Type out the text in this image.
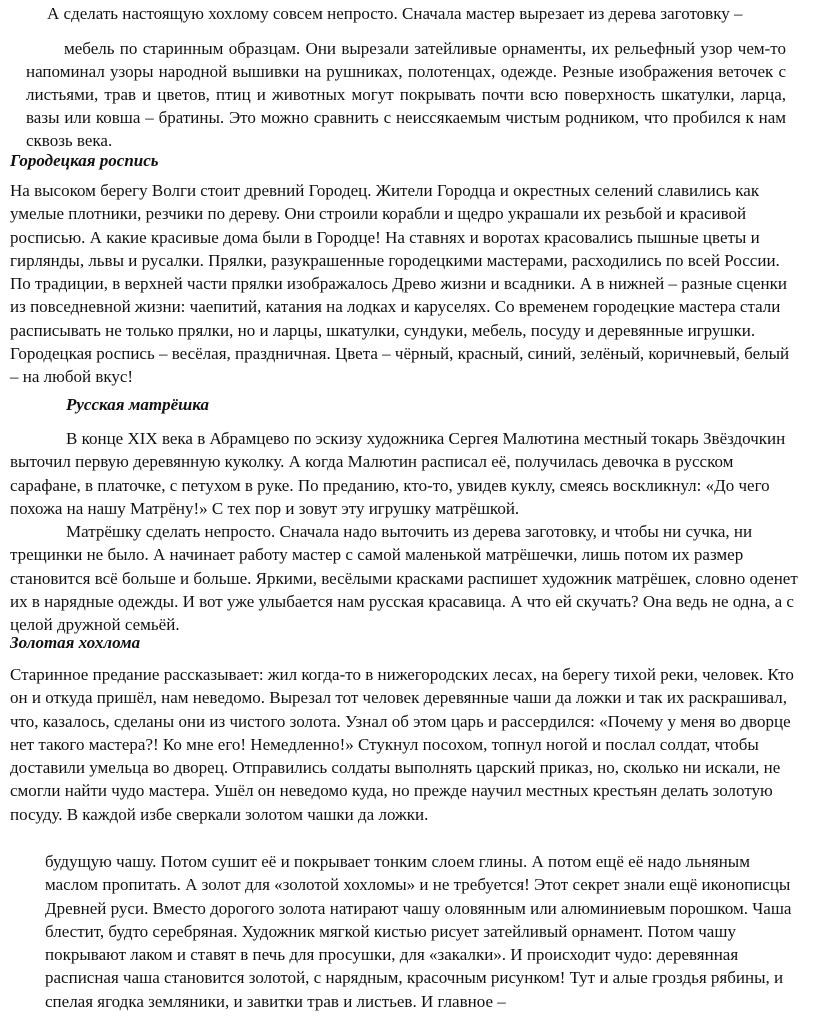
А сделать настоящую хохлому совсем непросто. Сначала мастер вырезает из дерева заготовку –

мебель по старинным образцам. Они вырезали затейливые орнаменты, их рельефный узор чем-то напоминал узоры народной вышивки на рушниках, полотенцах, одежде. Резные изображения веточек с листьями, трав и цветов, птиц и животных могут покрывать почти всю поверхность шкатулки, ларца, вазы или ковша – братины. Это можно сравнить с неиссякаемым чистым родником, что пробился к нам сквозь века.

Городецкая роспись

На высоком берегу Волги стоит древний Городец. Жители Городца и окрестных селений славились как умелые плотники, резчики по дереву. Они строили корабли и щедро украшали их резьбой и красивой росписью. А какие красивые дома были в Городце! На ставнях и воротах красовались пышные цветы и гирлянды, львы и русалки. Прялки, разукрашенные городецкими мастерами, расходились по всей России. По традиции, в верхней части прялки изображалось Древо жизни и всадники. А в нижней – разные сценки из повседневной жизни: чаепитий, катания на лодках и каруселях. Со временем городецкие мастера стали расписывать не только прялки, но и ларцы, шкатулки, сундуки, мебель, посуду и деревянные игрушки. Городецкая роспись – весёлая, праздничная. Цвета – чёрный, красный, синий, зелёный, коричневый, белый – на любой вкус!

Русская матрёшка

В конце XIX века в Абрамцево по эскизу художника Сергея Малютина местный токарь Звёздочкин выточил первую деревянную куколку. А когда Малютин расписал её, получилась девочка в русском сарафане, в платочке, с петухом в руке. По преданию, кто-то, увидев куклу, смеясь воскликнул: «До чего похожа на нашу Матрёну!» С тех пор и зовут эту игрушку матрёшкой.

Матрёшку сделать непросто. Сначала надо выточить из дерева заготовку, и чтобы ни сучка, ни трещинки не было. А начинает работу мастер с самой маленькой матрёшечки, лишь потом их размер становится всё больше и больше. Яркими, весёлыми красками распишет художник матрёшек, словно оденет их в нарядные одежды. И вот уже улыбается нам русская красавица. А что ей скучать? Она ведь не одна, а с целой дружной семьёй.

Золотая хохлома

Старинное предание рассказывает: жил когда-то в нижегородских лесах, на берегу тихой реки, человек. Кто он и откуда пришёл, нам неведомо. Вырезал тот человек деревянные чаши да ложки и так их раскрашивал, что, казалось, сделаны они из чистого золота. Узнал об этом царь и рассердился: «Почему у меня во дворце нет такого мастера?! Ко мне его! Немедленно!» Стукнул посохом, топнул ногой и послал солдат, чтобы доставили умельца во дворец. Отправились солдаты выполнять царский приказ, но, сколько ни искали, не смогли найти чудо мастера. Ушёл он неведомо куда, но прежде научил местных крестьян делать золотую посуду. В каждой избе сверкали золотом чашки да ложки.

будущую чашу. Потом сушит её и покрывает тонким слоем глины. А потом ещё её надо льняным маслом пропитать. А золот для «золотой хохломы» и не требуется! Этот секрет знали ещё иконописцы Древней руси. Вместо дорогого золота натирают чашу оловянным или алюминиевым порошком. Чаша блестит, будто серебряная. Художник мягкой кистью рисует затейливый орнамент. Потом чашу покрывают лаком и ставят в печь для просушки, для «закалки». И происходит чудо: деревянная расписная чаша становится золотой, с нарядным, красочным рисунком! Тут и алые гроздья рябины, и спелая ягодка земляники, и завитки трав и листьев. И главное –
